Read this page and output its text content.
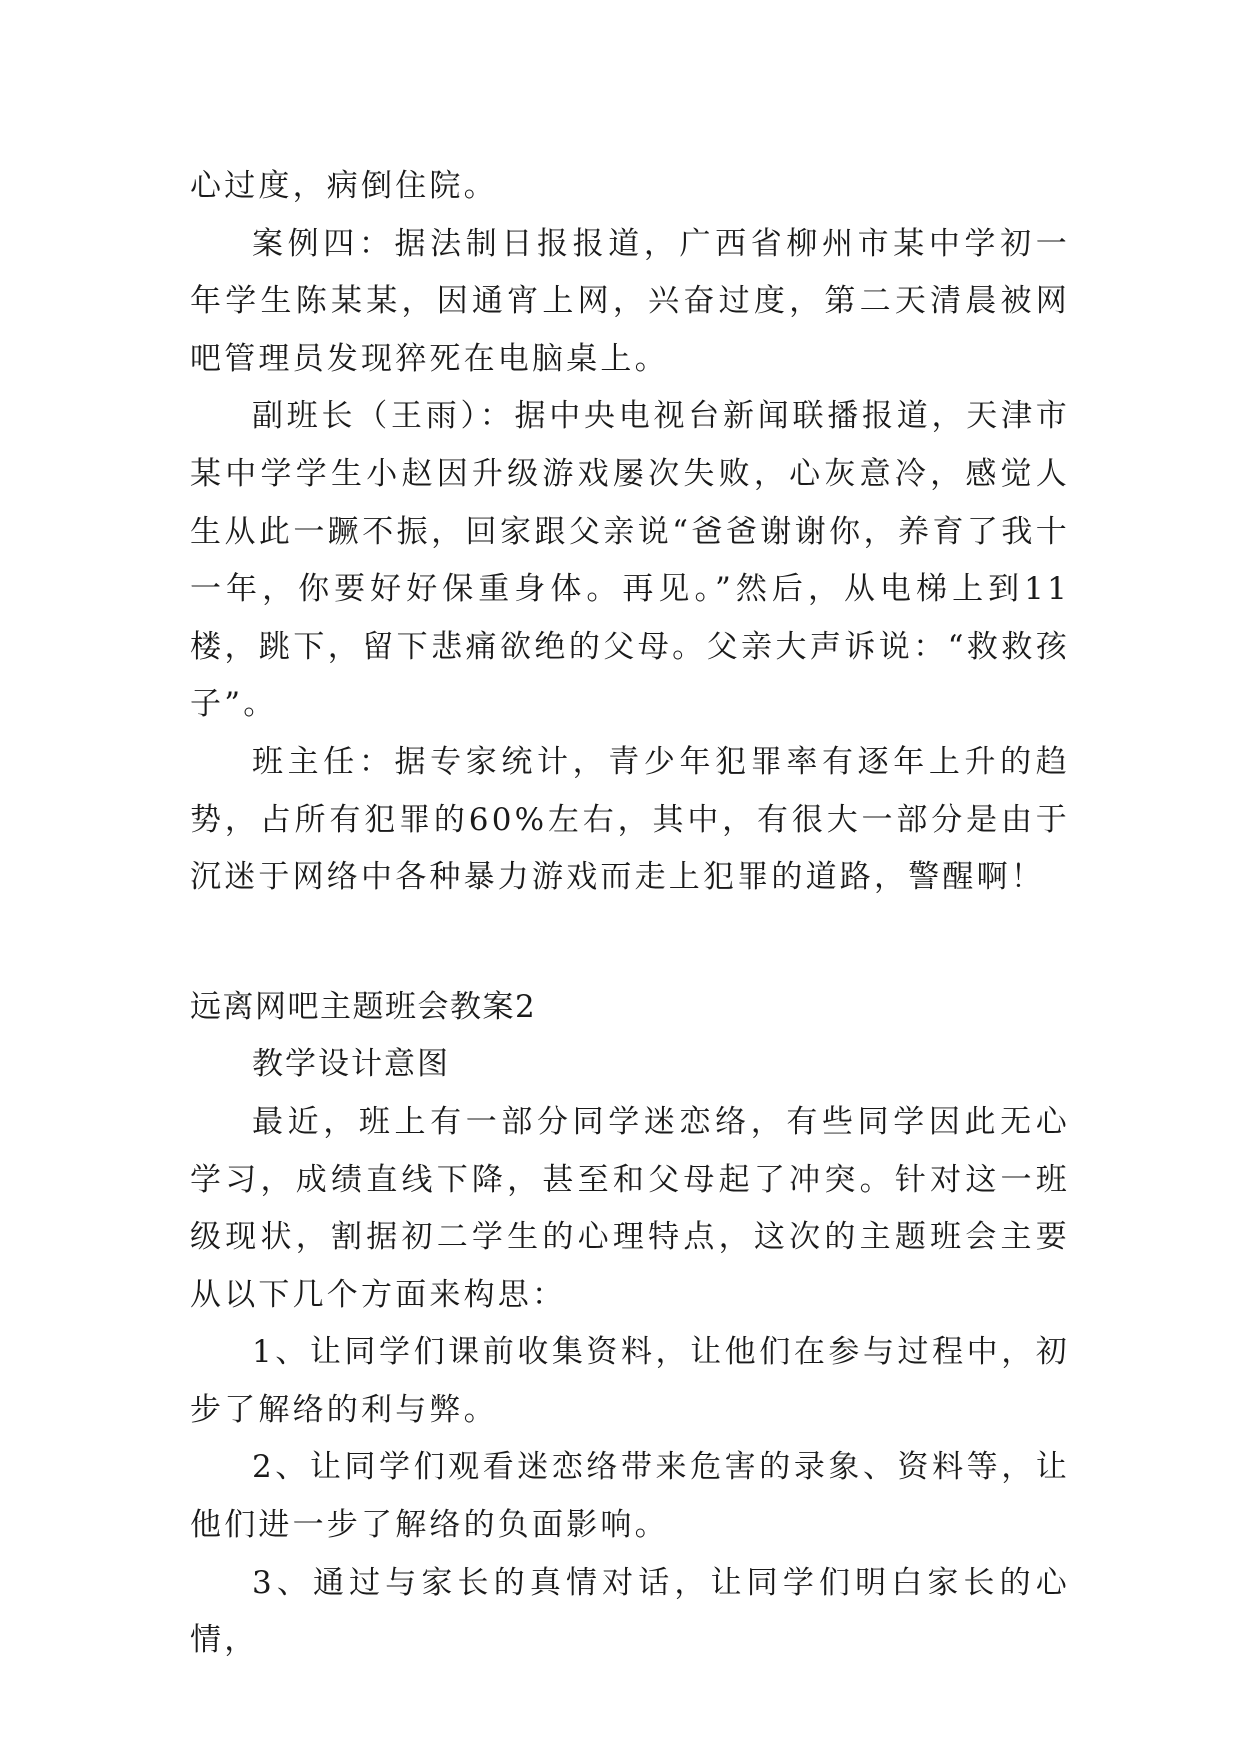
心过度，病倒住院。

案例四：据法制日报报道，广西省柳州市某中学初一年学生陈某某，因通宵上网，兴奋过度，第二天清晨被网吧管理员发现猝死在电脑桌上。

副班长（王雨）：据中央电视台新闻联播报道，天津市某中学学生小赵因升级游戏屡次失败，心灰意冷，感觉人生从此一蹶不振，回家跟父亲说“爸爸谢谢你，养育了我十一年，你要好好保重身体。再见。”然后，从电梯上到11楼，跳下，留下悲痛欲绝的父母。父亲大声诉说：“救救孩子”。

班主任：据专家统计，青少年犯罪率有逐年上升的趋势，占所有犯罪的60%左右，其中，有很大一部分是由于沉迷于网络中各种暴力游戏而走上犯罪的道路，警醒啊！

远离网吧主题班会教案2

教学设计意图

最近，班上有一部分同学迷恋络，有些同学因此无心学习，成绩直线下降，甚至和父母起了冲突。针对这一班级现状，割据初二学生的心理特点，这次的主题班会主要从以下几个方面来构思：

1、让同学们课前收集资料，让他们在参与过程中，初步了解络的利与弊。

2、让同学们观看迷恋络带来危害的录象、资料等，让他们进一步了解络的负面影响。

3、通过与家长的真情对话，让同学们明白家长的心情，
